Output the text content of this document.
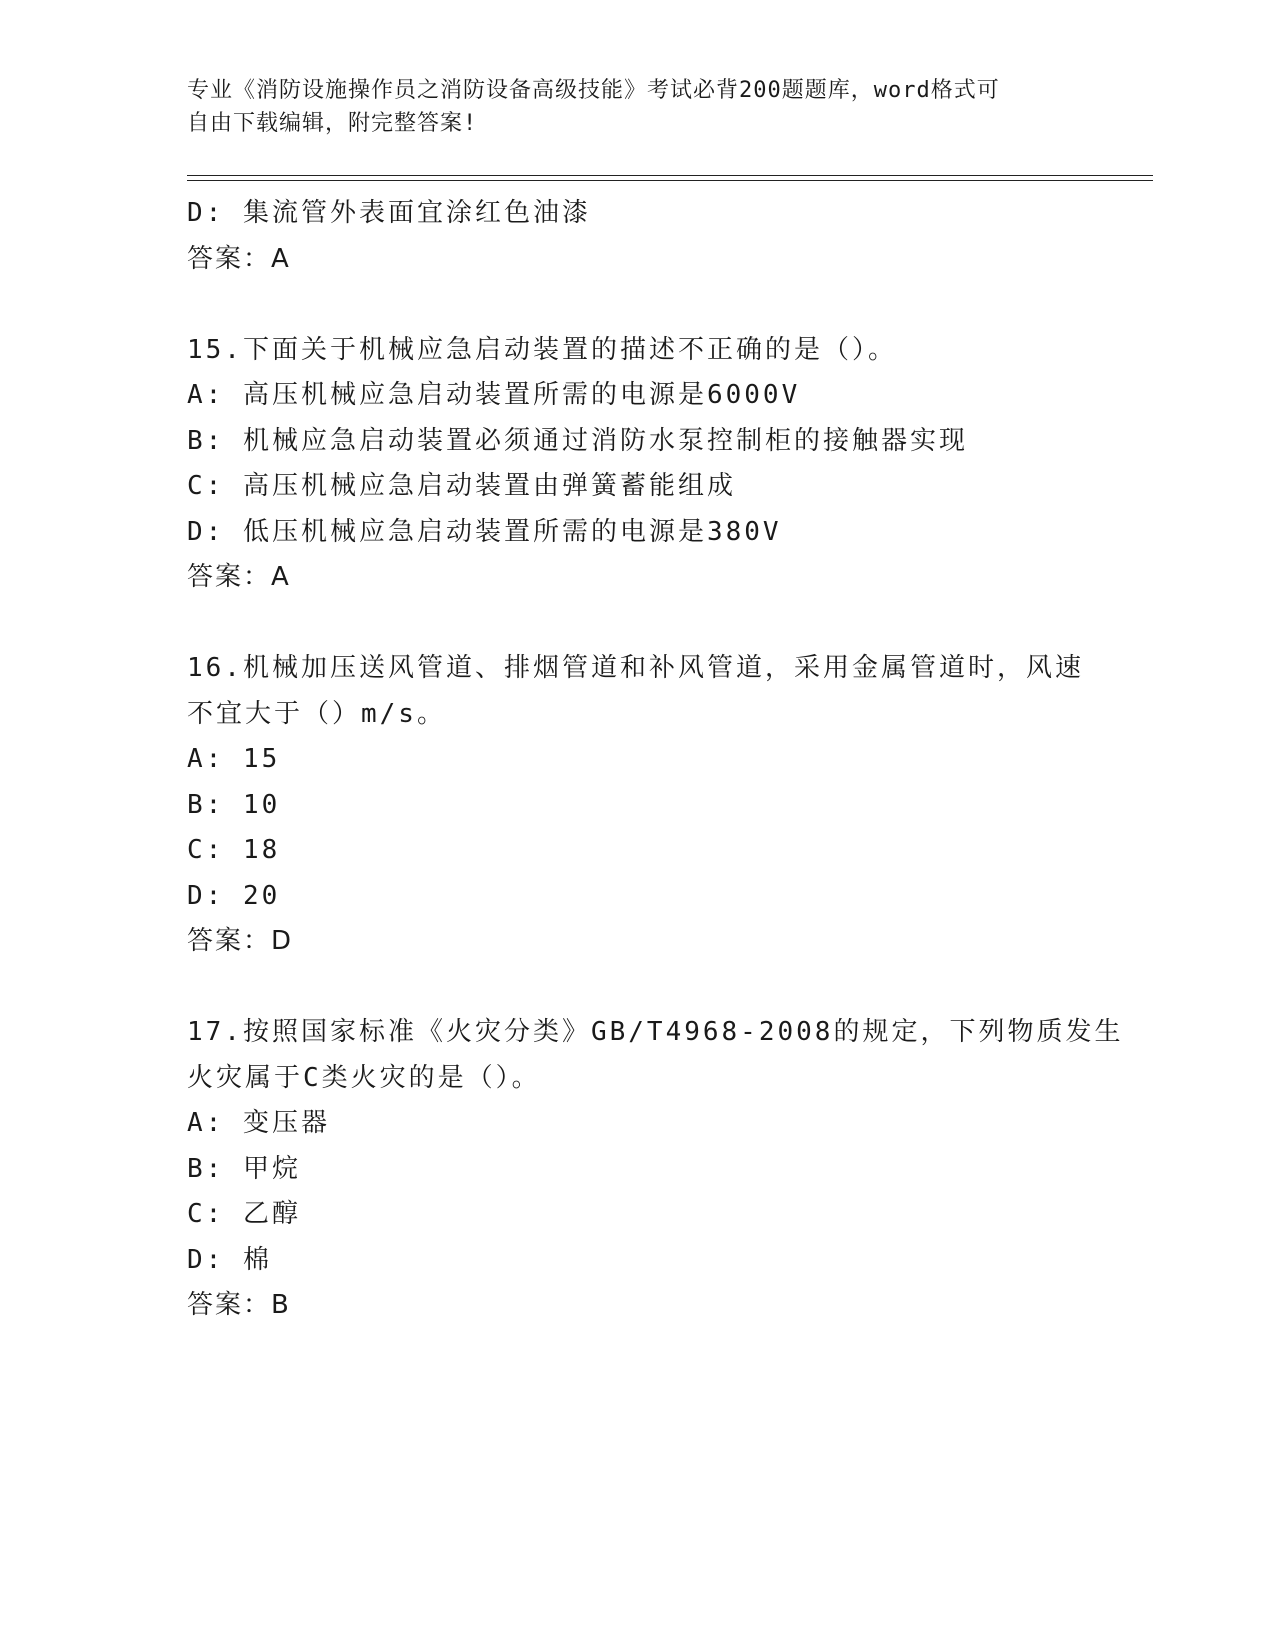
专业《消防设施操作员之消防设备高级技能》考试必背200题题库，word格式可
自由下载编辑，附完整答案!
D: 集流管外表面宜涂红色油漆
答案：A
15.下面关于机械应急启动装置的描述不正确的是（）。
A: 高压机械应急启动装置所需的电源是6000V
B: 机械应急启动装置必须通过消防水泵控制柜的接触器实现
C: 高压机械应急启动装置由弹簧蓄能组成
D: 低压机械应急启动装置所需的电源是380V
答案：A
16.机械加压送风管道、排烟管道和补风管道，采用金属管道时，风速
不宜大于（）m/s。
A: 15
B: 10
C: 18
D: 20
答案：D
17.按照国家标准《火灾分类》GB/T4968-2008的规定，下列物质发生
火灾属于C类火灾的是（）。
A: 变压器
B: 甲烷
C: 乙醇
D: 棉
答案：B
